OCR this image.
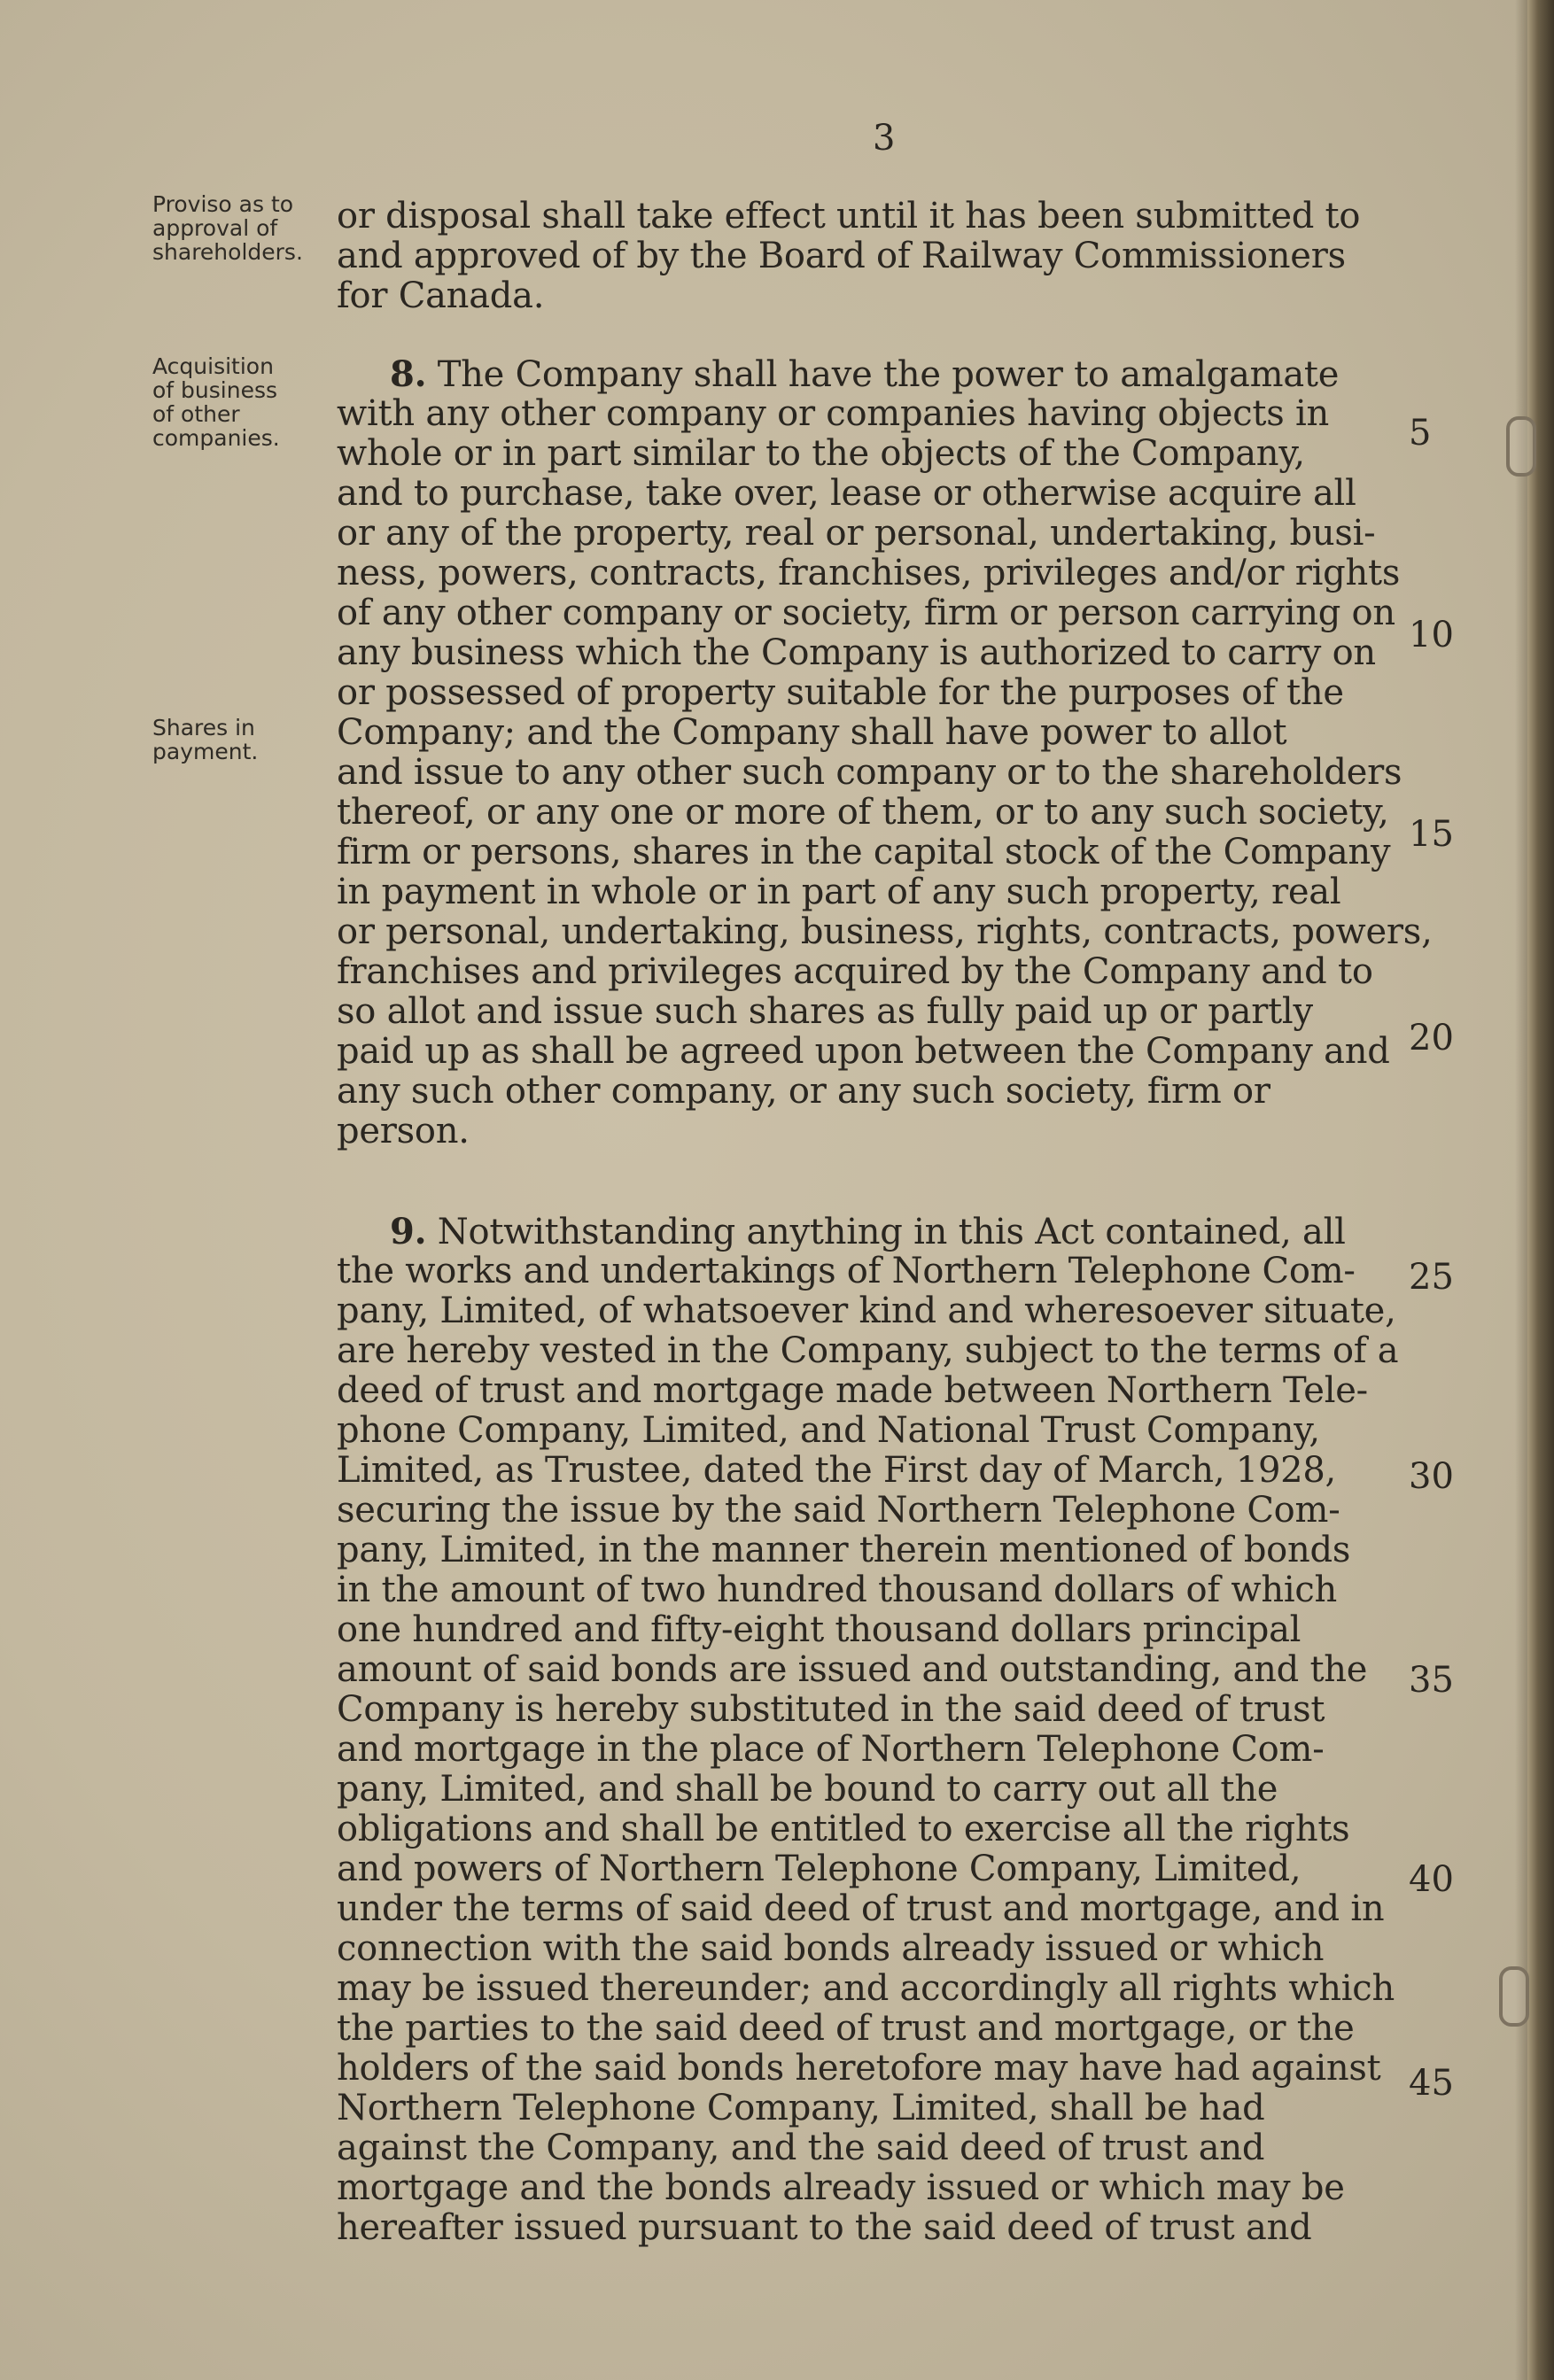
3
Proviso as to
approval of
shareholders.
Acquisition
of business
of other
companies.
Shares in
payment.
or disposal shall take effect until it has been submitted to
and approved of by the Board of Railway Commissioners
for Canada.
8. The Company shall have the power to amalgamate
with any other company or companies having objects in
whole or in part similar to the objects of the Company,
and to purchase, take over, lease or otherwise acquire all
or any of the property, real or personal, undertaking, busi-
ness, powers, contracts, franchises, privileges and/or rights
of any other company or society, firm or person carrying on
any business which the Company is authorized to carry on
or possessed of property suitable for the purposes of the
Company; and the Company shall have power to allot
and issue to any other such company or to the shareholders
thereof, or any one or more of them, or to any such society,
firm or persons, shares in the capital stock of the Company
in payment in whole or in part of any such property, real
or personal, undertaking, business, rights, contracts, powers,
franchises and privileges acquired by the Company and to
so allot and issue such shares as fully paid up or partly
paid up as shall be agreed upon between the Company and
any such other company, or any such society, firm or
person.
9. Notwithstanding anything in this Act contained, all
the works and undertakings of Northern Telephone Com-
pany, Limited, of whatsoever kind and wheresoever situate,
are hereby vested in the Company, subject to the terms of a
deed of trust and mortgage made between Northern Tele-
phone Company, Limited, and National Trust Company,
Limited, as Trustee, dated the First day of March, 1928,
securing the issue by the said Northern Telephone Com-
pany, Limited, in the manner therein mentioned of bonds
in the amount of two hundred thousand dollars of which
one hundred and fifty-eight thousand dollars principal
amount of said bonds are issued and outstanding, and the
Company is hereby substituted in the said deed of trust
and mortgage in the place of Northern Telephone Com-
pany, Limited, and shall be bound to carry out all the
obligations and shall be entitled to exercise all the rights
and powers of Northern Telephone Company, Limited,
under the terms of said deed of trust and mortgage, and in
connection with the said bonds already issued or which
may be issued thereunder; and accordingly all rights which
the parties to the said deed of trust and mortgage, or the
holders of the said bonds heretofore may have had against
Northern Telephone Company, Limited, shall be had
against the Company, and the said deed of trust and
mortgage and the bonds already issued or which may be
hereafter issued pursuant to the said deed of trust and
5
10
15
20
25
30
35
40
45
